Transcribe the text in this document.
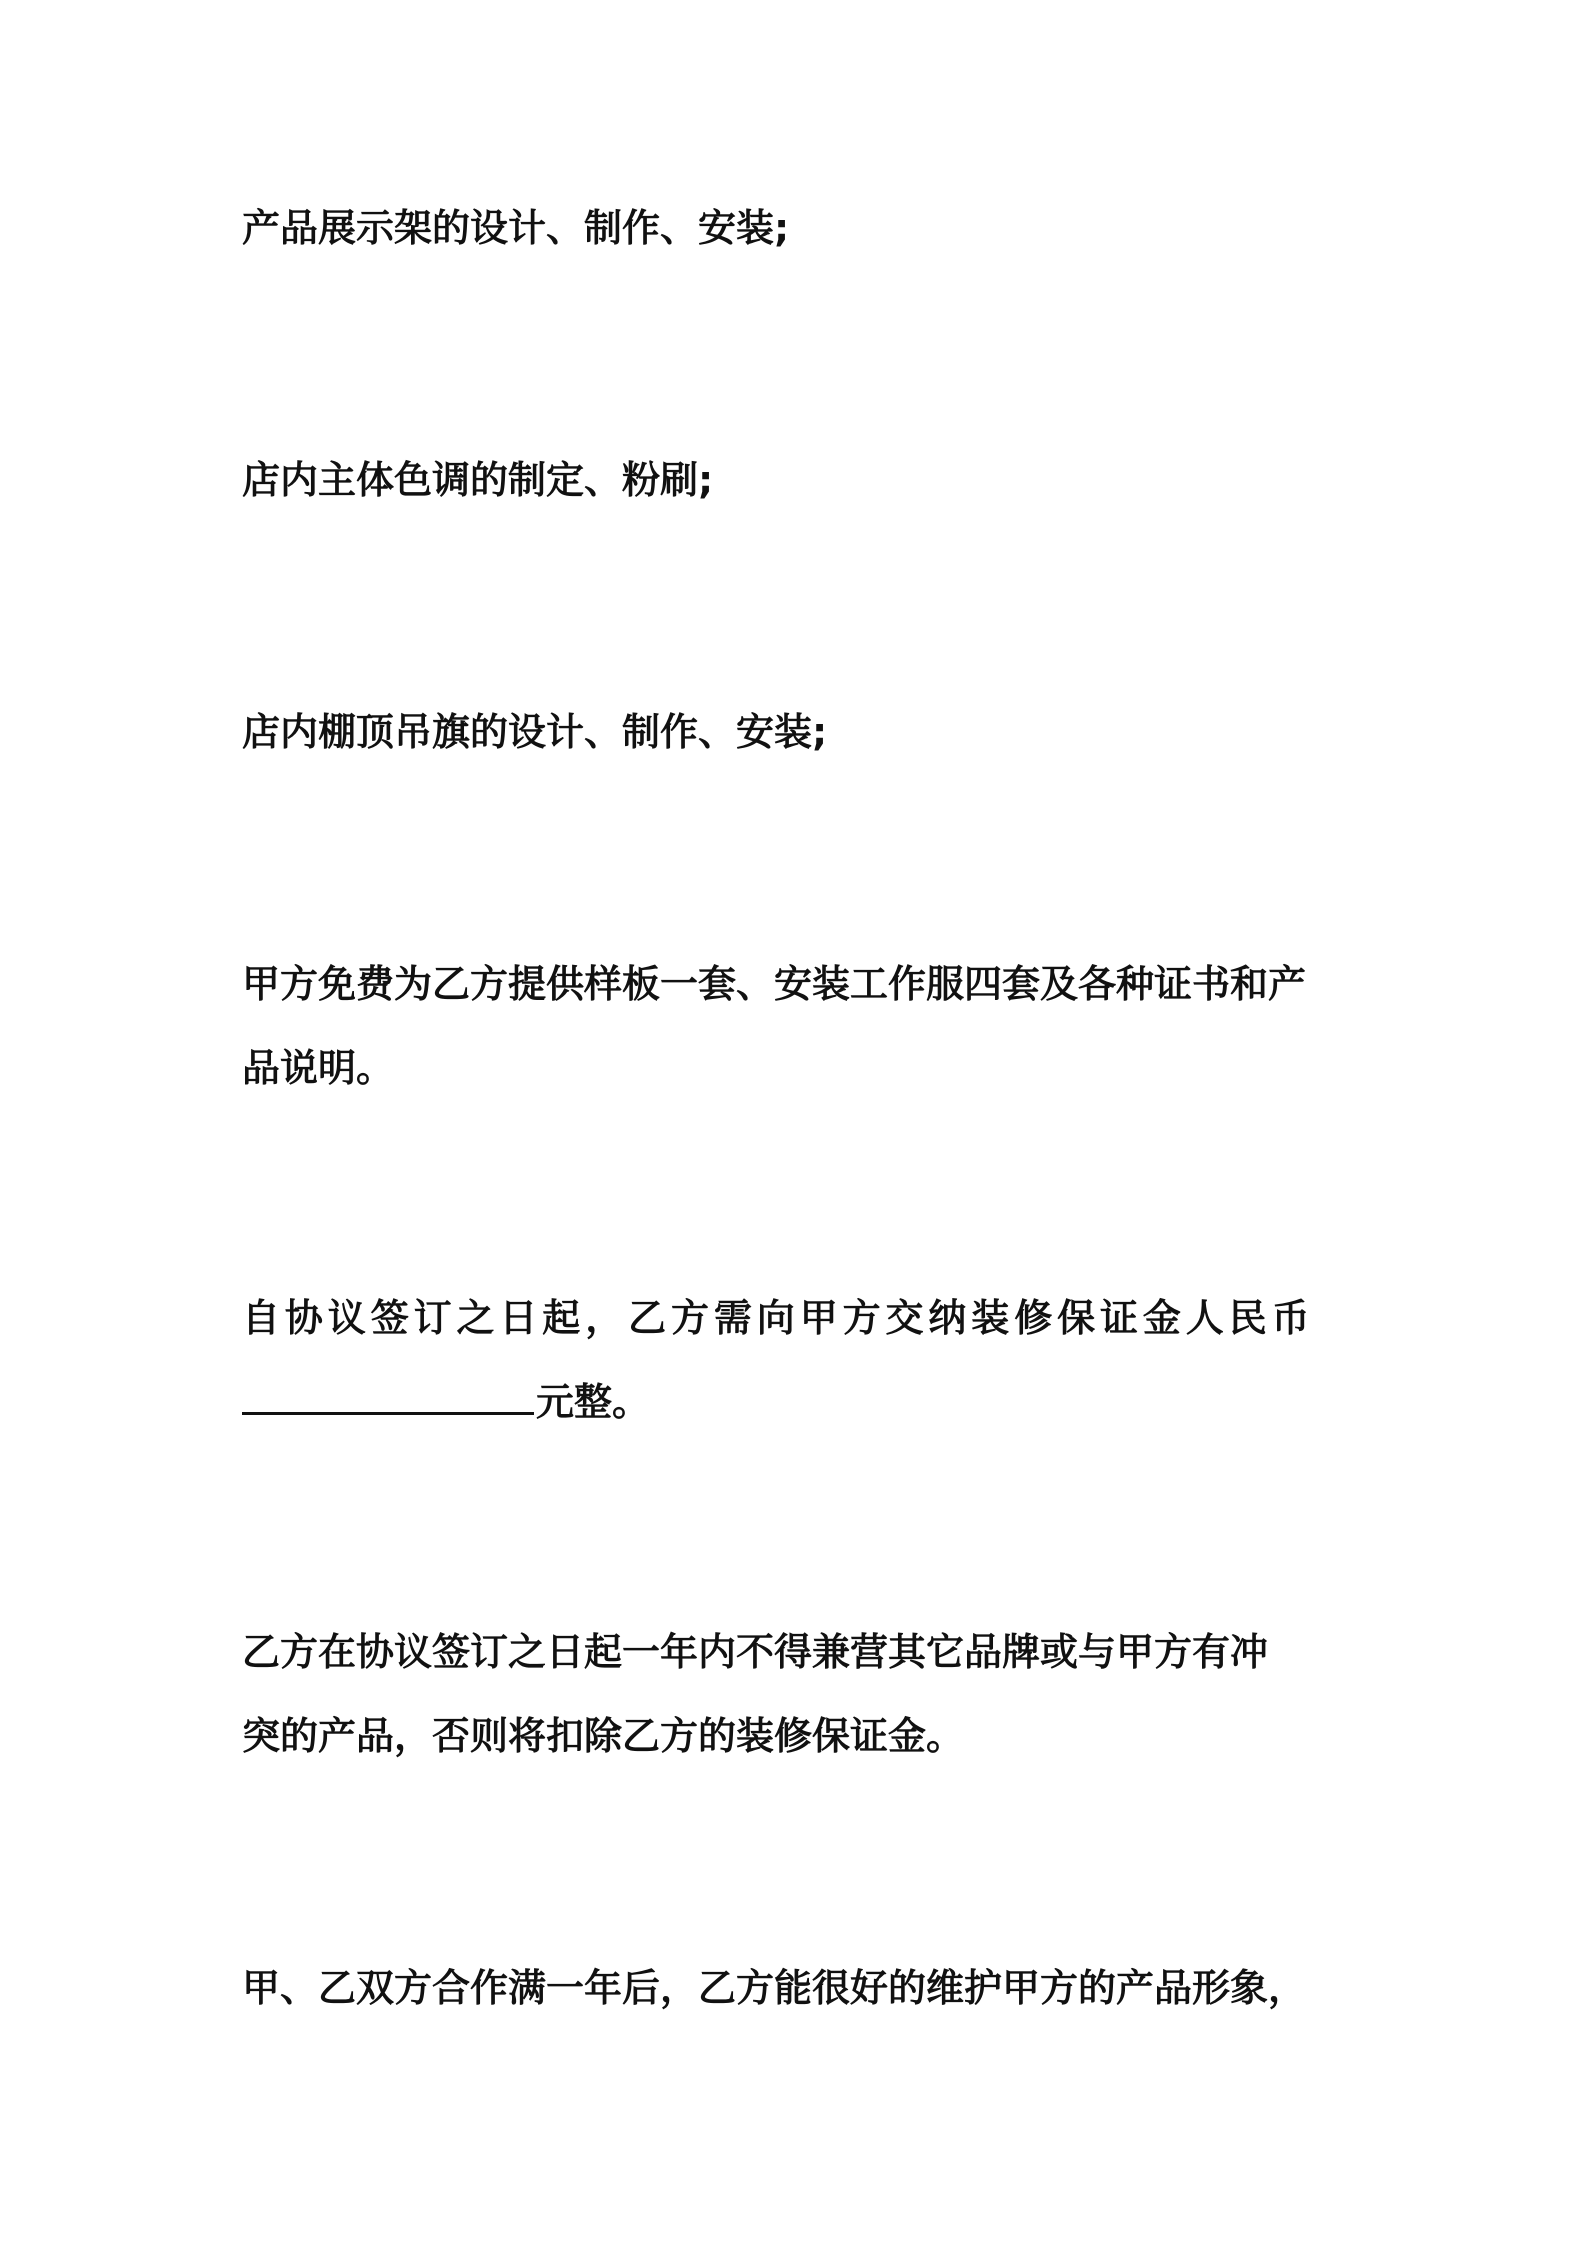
产品展示架的设计、制作、安装;

店内主体色调的制定、粉刷;

店内棚顶吊旗的设计、制作、安装;

甲方免费为乙方提供样板一套、安装工作服四套及各种证书和产
品说明。

自协议签订之日起，乙方需向甲方交纳装修保证金人民币
元整。

乙方在协议签订之日起一年内不得兼营其它品牌或与甲方有冲
突的产品，否则将扣除乙方的装修保证金。

甲、乙双方合作满一年后，乙方能很好的维护甲方的产品形象，
